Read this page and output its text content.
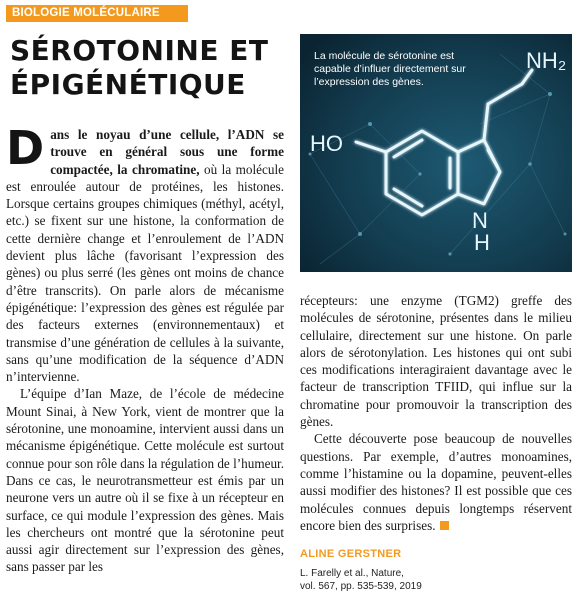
BIOLOGIE MOLÉCULAIRE
SÉROTONINE ET
ÉPIGÉNÉTIQUE
NH₂
HO
N
H
La molécule de sérotonine est capable d’influer directement sur l’expression des gènes.

Dans le noyau d’une cellule, l’ADN se trouve en général sous une forme compactée, la chromatine, où la molécule est enroulée autour de protéines, les histones. Lorsque certains groupes chimiques (méthyl, acétyl, etc.) se fixent sur une histone, la conformation de cette dernière change et l’enroulement de l’ADN devient plus lâche (favorisant l’expression des gènes) ou plus serré (les gènes ont moins de chance d’être transcrits). On parle alors de mécanisme épigénétique: l’expression des gènes est régulée par des facteurs externes (environnementaux) et transmise d’une génération de cellules à la suivante, sans qu’une modification de la séquence d’ADN n’intervienne.

L’équipe d’Ian Maze, de l’école de médecine Mount Sinai, à New York, vient de montrer que la sérotonine, une monoamine, intervient aussi dans un mécanisme épigénétique. Cette molécule est surtout connue pour son rôle dans la régulation de l’humeur. Dans ce cas, le neurotransmetteur est émis par un neurone vers un autre où il se fixe à un récepteur en surface, ce qui module l’expression des gènes. Mais les chercheurs ont montré que la sérotonine peut aussi agir directement sur l’expression des gènes, sans passer par les

récepteurs: une enzyme (TGM2) greffe des molécules de sérotonine, présentes dans le milieu cellulaire, directement sur une histone. On parle alors de sérotonylation. Les histones qui ont subi ces modifications interagiraient davantage avec le facteur de transcription TFIID, qui influe sur la chromatine pour promouvoir la transcription des gènes.

Cette découverte pose beaucoup de nouvelles questions. Par exemple, d’autres monoamines, comme l’histamine ou la dopamine, peuvent-elles aussi modifier des histones? Il est possible que ces molécules connues depuis longtemps réservent encore bien des surprises.

ALINE GERSTNER
L. Farelly et al., Nature,
vol. 567, pp. 535-539, 2019
